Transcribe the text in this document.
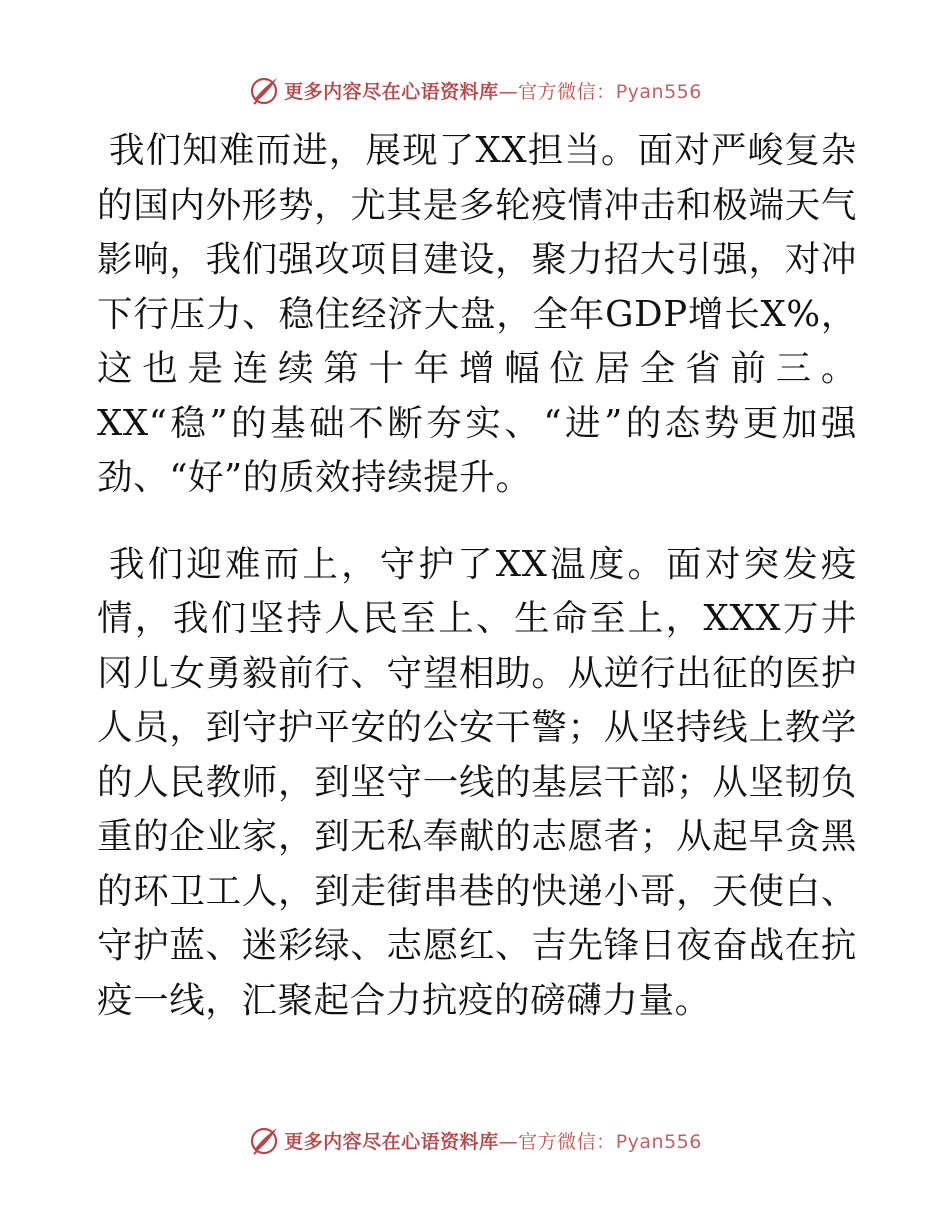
更多内容尽在心语资料库—官方微信：Pyan556

我们知难而进，展现了XX担当。面对严峻复杂的国内外形势，尤其是多轮疫情冲击和极端天气影响，我们强攻项目建设，聚力招大引强，对冲下行压力、稳住经济大盘，全年GDP增长X%，这也是连续第十年增幅位居全省前三。XX“稳”的基础不断夯实、“进”的态势更加强劲、“好”的质效持续提升。

我们迎难而上，守护了XX温度。面对突发疫情，我们坚持人民至上、生命至上，XXX万井冈儿女勇毅前行、守望相助。从逆行出征的医护人员，到守护平安的公安干警；从坚持线上教学的人民教师，到坚守一线的基层干部；从坚韧负重的企业家，到无私奉献的志愿者；从起早贪黑的环卫工人，到走街串巷的快递小哥，天使白、守护蓝、迷彩绿、志愿红、吉先锋日夜奋战在抗疫一线，汇聚起合力抗疫的磅礴力量。

更多内容尽在心语资料库—官方微信：Pyan556
